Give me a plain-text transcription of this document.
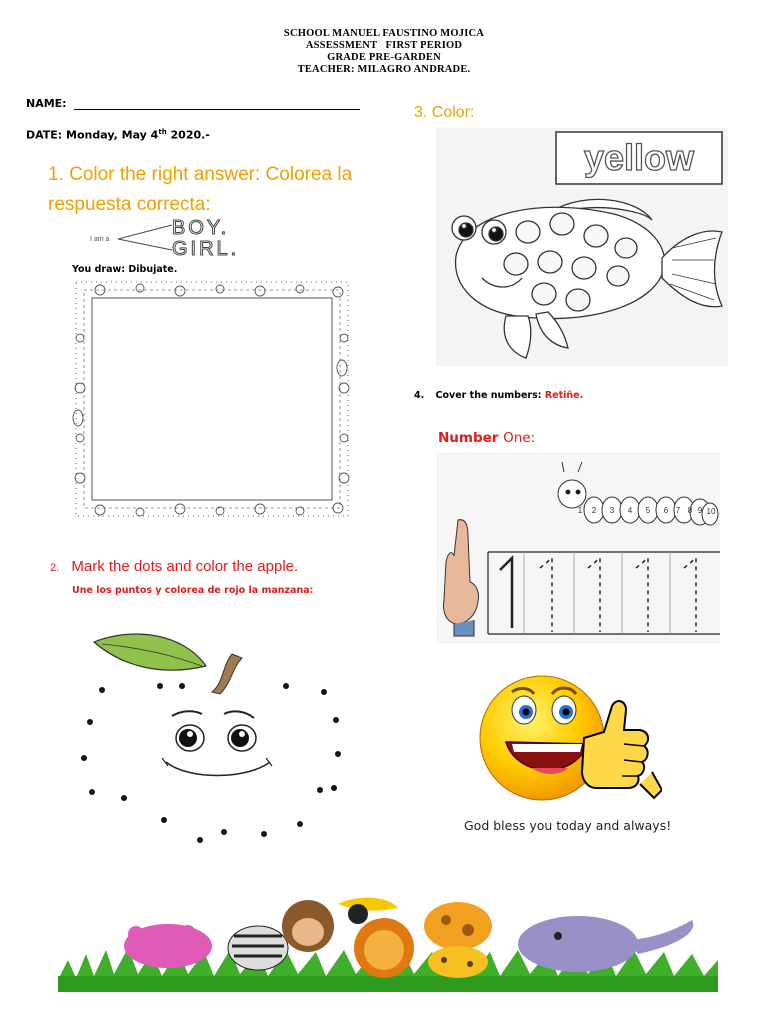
SCHOOL MANUEL FAUSTINO MOJICA
ASSESSMENT   FIRST PERIOD
GRADE PRE-GARDEN
TEACHER: MILAGRO ANDRADE.
NAME:
DATE: Monday, May 4th 2020.-
1. Color the right answer: Colorea la respuesta correcta:
I am a
BOY.
GIRL.
You draw: Dibujate.
2. Mark the dots and color the apple.
Une los puntos y colorea de rojo la manzana:
3. Color:
yellow
4. Cover the numbers: Retiñe.
Number One:
1 2 3 4 5 6 7 8 9 10
God bless you today and always!
